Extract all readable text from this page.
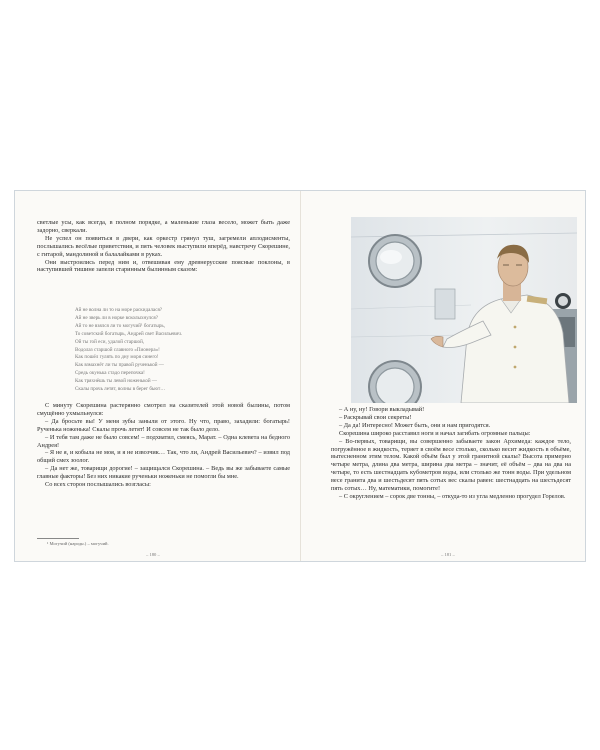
светлые усы, как всегда, в полном порядке, а маленькие глаза весело, может быть даже задорно, сверкали.

Не успел он появиться в двери, как оркестр грянул туш, загремели аплодисменты, послышались весёлые приветствия, и пять человек выступили вперёд, навстречу Скорешине, с гитарой, мандолиной и балалайками в руках.

Они выстроились перед ним и, отвешивая ему древнерусские поясные поклоны, в наступившей тишине запели старинным былинным сказом:

Ай не волна ли то на море раскидалася?
Ай не зверь ли в норке всколыхнулся?
Ай то не взялся ли то могучий¹ богатырь,
То советский богатырь, Андрей свет Васильевич.
Ой ты гой еси, удалой старшой,
Водолаз старшой славного «Пионера»!
Как пошёл гулять по дну моря синего!
Как взмахнёт ли ты правой рученькой —
Средь окунька стадо перепочка!
Как тряхнёшь ты левой ноженькой —
Скалы прочь летят, волны в берег бьют…

С минуту Скорешина растерянно смотрел на сказителей этой новой былины, потом смущённо ухмыльнулся:

– Да бросьте вы! У меня зубы заныли от этого. Ну что, право, захадили: богатырь! Рученька ноженька! Скалы прочь летят! И совсем не так было дело.

– И тебя там даже не было совсем! – подхватил, смеясь, Марат. – Одна клевета на бедного Андрея!

– Я не я, и кобыла не моя, и я не извозчик… Так, что ли, Андрей Васильевич? – извил под общий смех зоолог.

– Да нет же, товарищи дорогие! – защищался Скорешина. – Ведь вы же забываете самые главные факторы! Без них никакие рученьки ноженьки не помогли бы мне.

Со всех сторон послышались возгласы:

¹ Могучий (народн.) – могучий.
– 180 –

– А ну, ну! Говори выкладывай!

– Раскрывай свои секреты!

– Да да! Интересно! Может быть, они и нам пригодятся.

Скорешина широко расставил ноги и начал загибать огромные пальцы:

– Во-первых, товарищи, вы совершенно забываете закон Архимеда: каждое тело, погружённое в жидкость, теряет в своём весе столько, сколько весит жидкость в объёме, вытесненном этим телом. Какой объём был у этой гранитной скалы? Высота примерно четыре метра, длина два метра, ширина два метра – значит, её объём – два на два на четыре, то есть шестнадцать кубометров воды, или столько же тонн воды. При удельном весе гранита два и шестьдесят пять сотых вес скалы равен: шестнадцать на шестьдесят пять сотых… Ну, математики, помогите!

– С округлением – сорок две тонны, – откуда-то из угла медленно прогудел Горелов.

– 181 –
